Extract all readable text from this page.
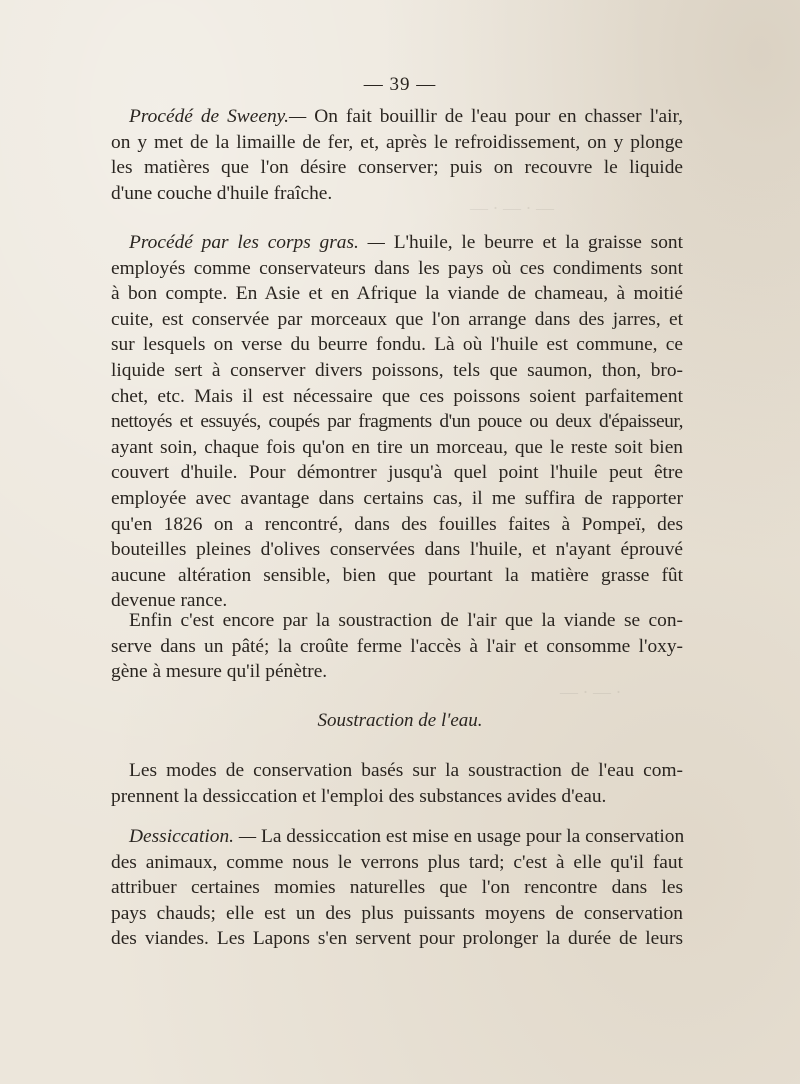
— · — · —
· — · —
— 39 —
Procédé de Sweeny.— On fait bouillir de l'eau pour en chasser l'air,
on y met de la limaille de fer, et, après le refroidissement, on y plonge
les matières que l'on désire conserver; puis on recouvre le liquide
d'une couche d'huile fraîche.
Procédé par les corps gras. — L'huile, le beurre et la graisse sont
employés comme conservateurs dans les pays où ces condiments sont
à bon compte. En Asie et en Afrique la viande de chameau, à moitié
cuite, est conservée par morceaux que l'on arrange dans des jarres, et
sur lesquels on verse du beurre fondu. Là où l'huile est commune, ce
liquide sert à conserver divers poissons, tels que saumon, thon, bro-
chet, etc. Mais il est nécessaire que ces poissons soient parfaitement
nettoyés et essuyés, coupés par fragments d'un pouce ou deux d'épaisseur,
ayant soin, chaque fois qu'on en tire un morceau, que le reste soit bien
couvert d'huile. Pour démontrer jusqu'à quel point l'huile peut être
employée avec avantage dans certains cas, il me suffira de rapporter
qu'en 1826 on a rencontré, dans des fouilles faites à Pompeï, des
bouteilles pleines d'olives conservées dans l'huile, et n'ayant éprouvé
aucune altération sensible, bien que pourtant la matière grasse fût
devenue rance.
Enfin c'est encore par la soustraction de l'air que la viande se con-
serve dans un pâté; la croûte ferme l'accès à l'air et consomme l'oxy-
gène à mesure qu'il pénètre.
Soustraction de l'eau.
Les modes de conservation basés sur la soustraction de l'eau com-
prennent la dessiccation et l'emploi des substances avides d'eau.
Dessiccation. — La dessiccation est mise en usage pour la conservation
des animaux, comme nous le verrons plus tard; c'est à elle qu'il faut
attribuer certaines momies naturelles que l'on rencontre dans les
pays chauds; elle est un des plus puissants moyens de conservation
des viandes. Les Lapons s'en servent pour prolonger la durée de leurs
